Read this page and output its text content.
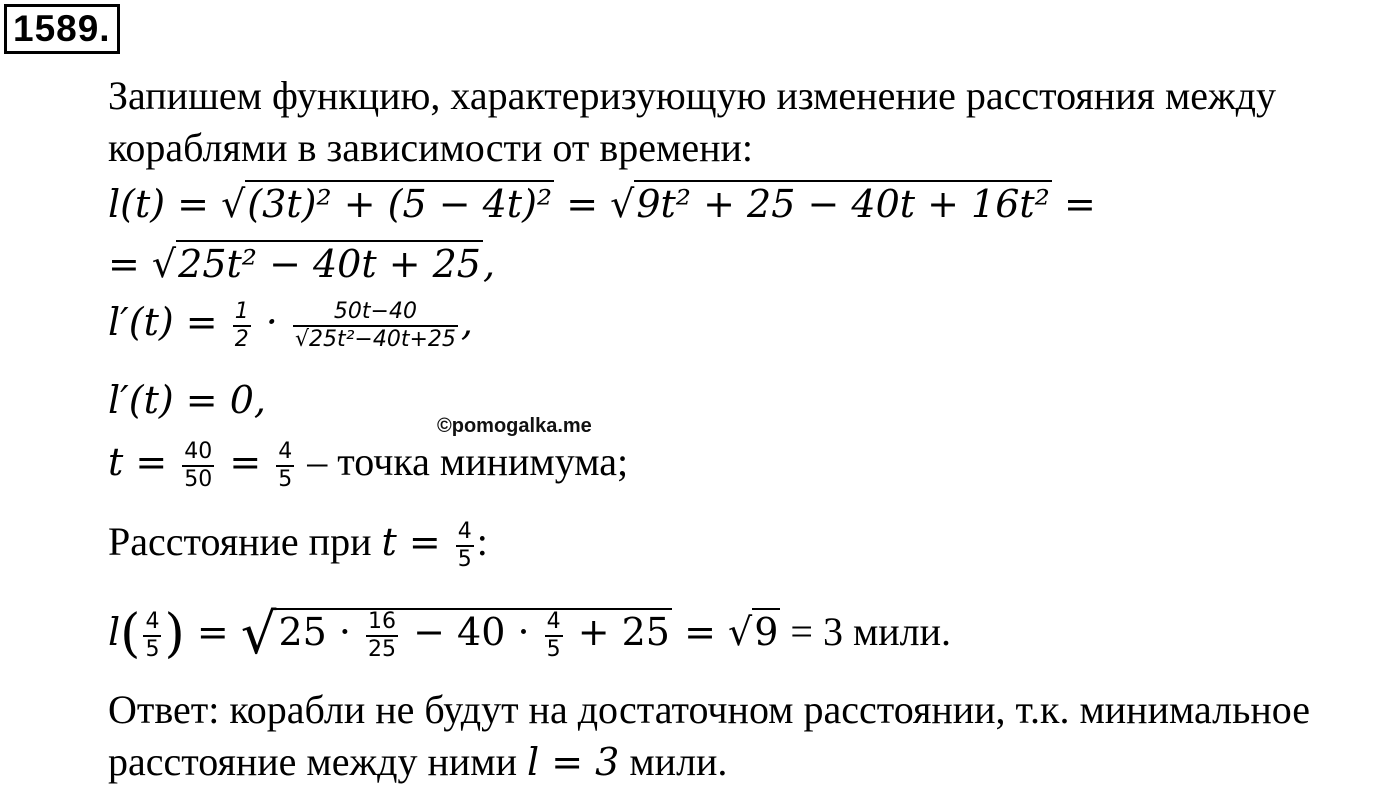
1589.
Запишем функцию, характеризующую изменение расстояния между
кораблями в зависимости от времени:
l(t) = √(3t)² + (5 − 4t)² = √9t² + 25 − 40t + 16t² =
= √25t² − 40t + 25,
$l'(t) = \frac{1}{2} \cdot \frac{50t-40}{\text{√25t²−40t+25}}$ ,
l′(t) = 0,
©pomogalka.me
$t = \frac{40}{50} = \frac{4}{5}$ – точка минимума;
Расстояние при $t = \frac{4}{5}$ :
$l( \frac{4}{5}$ ) = $√25 \cdot \frac{16}{25} - 40 \cdot \frac{4}{5} + 25 = √9 = 3$ мили.
Ответ: корабли не будут на достаточном расстоянии, т.к. минимальное
расстояние между ними l = 3 мили.
